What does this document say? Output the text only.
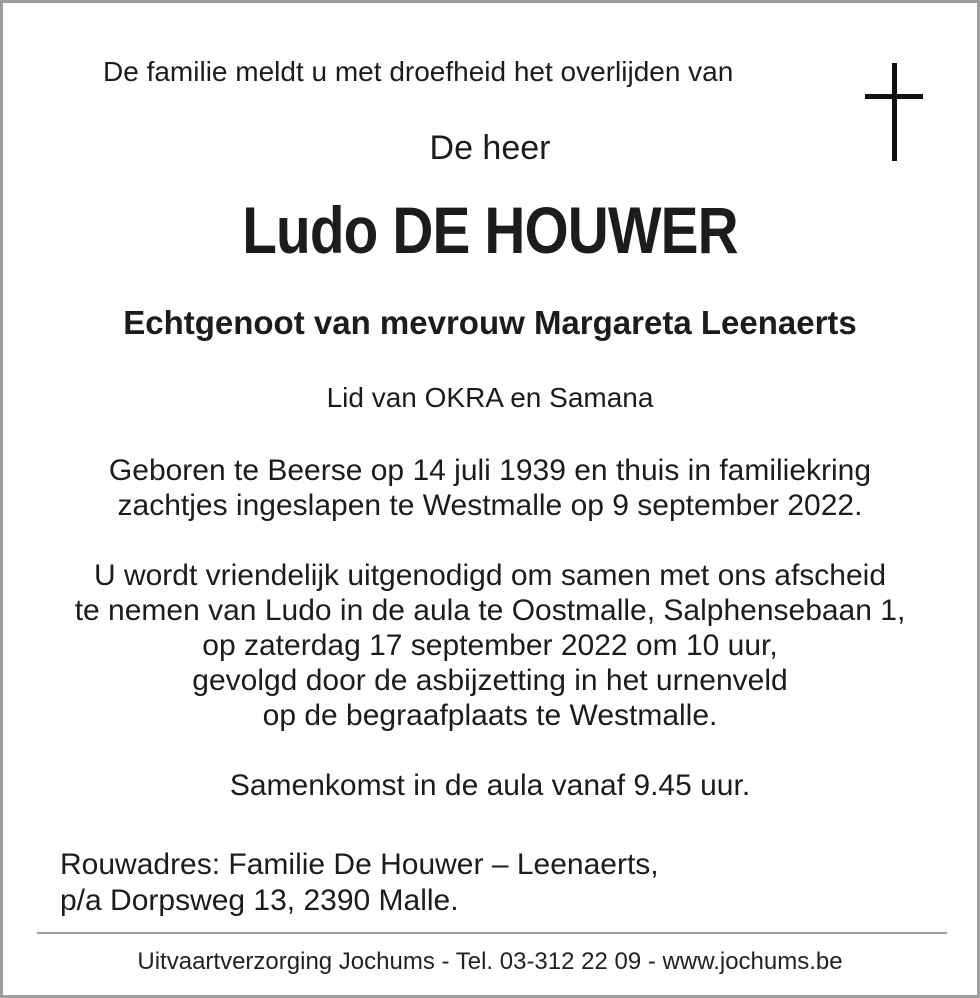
De familie meldt u met droefheid het overlijden van
De heer
Ludo DE HOUWER
Echtgenoot van mevrouw Margareta Leenaerts
Lid van OKRA en Samana
Geboren te Beerse op 14 juli 1939 en thuis in familiekring
zachtjes ingeslapen te Westmalle op 9 september 2022.
U wordt vriendelijk uitgenodigd om samen met ons afscheid
te nemen van Ludo in de aula te Oostmalle, Salphensebaan 1,
op zaterdag 17 september 2022 om 10 uur,
gevolgd door de asbijzetting in het urnenveld
op de begraafplaats te Westmalle.
Samenkomst in de aula vanaf 9.45 uur.
Rouwadres: Familie De Houwer – Leenaerts,
p/a Dorpsweg 13, 2390 Malle.
Uitvaartverzorging Jochums - Tel. 03-312 22 09 - www.jochums.be
